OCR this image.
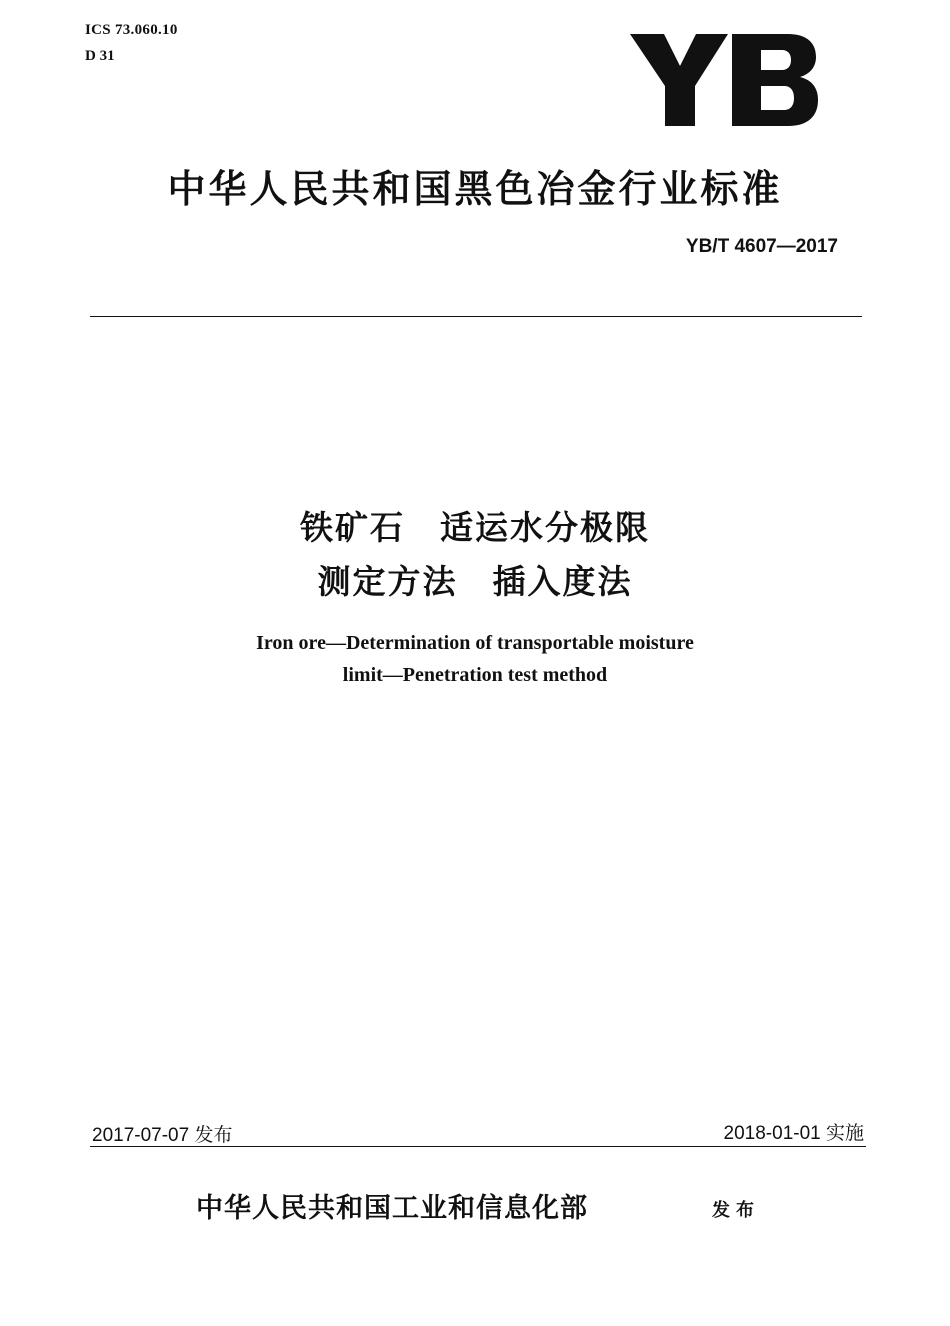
ICS 73.060.10
D 31
中华人民共和国黑色冶金行业标准
YB/T 4607—2017
铁矿石　适运水分极限
测定方法　插入度法
Iron ore—Determination of transportable moisture
limit—Penetration test method
2017-07-07 发布	2018-01-01 实施
中华人民共和国工业和信息化部	发布
